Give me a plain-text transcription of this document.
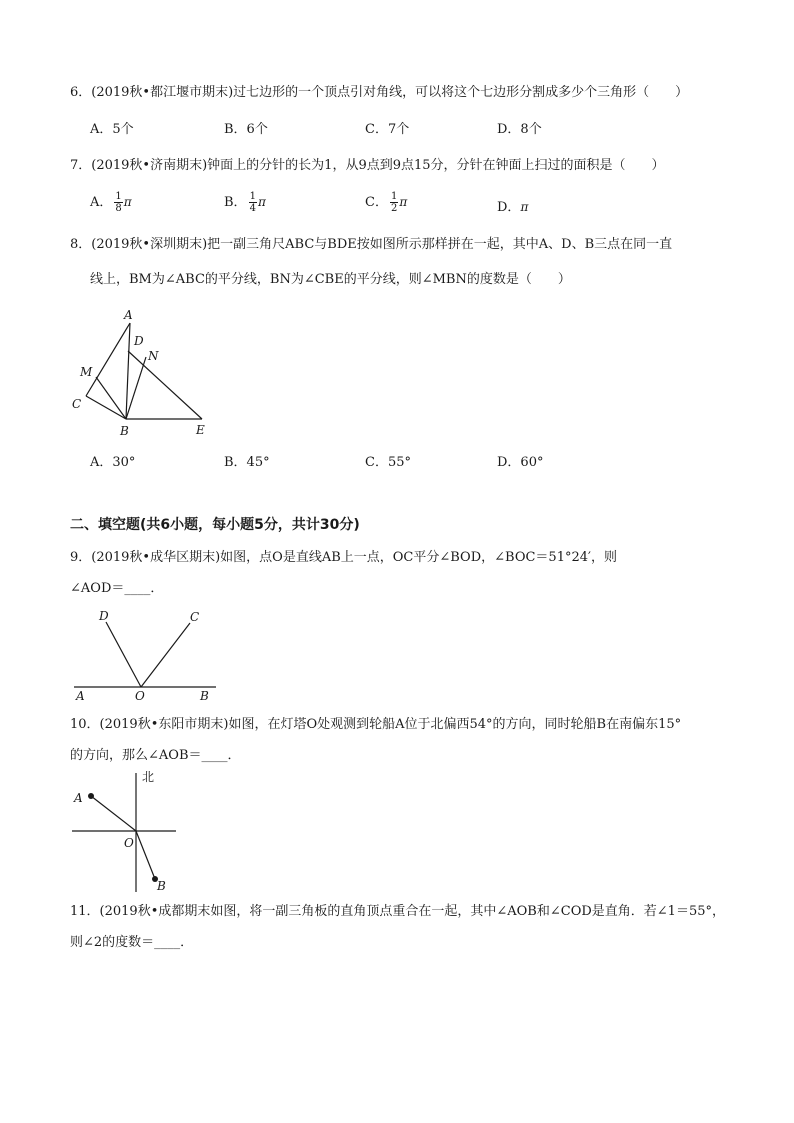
6．(2019秋•都江堰市期末)过七边形的一个顶点引对角线，可以将这个七边形分割成多少个三角形（　　）
A．5个	B．6个	C．7个	D．8个
7．(2019秋•济南期末)钟面上的分针的长为1，从9点到9点15分，分针在钟面上扫过的面积是（　　）
A． $\frac{1}{8}$ π	B． $\frac{1}{4}$ π	C． $\frac{1}{2}$ π	D．π
8．(2019秋•深圳期末)把一副三角尺ABC与BDE按如图所示那样拼在一起，其中A、D、B三点在同一直
线上，BM为∠ABC的平分线，BN为∠CBE的平分线，则∠MBN的度数是（　　）
A
D
N
M
C
B	E
A．30°	B．45°	C．55°	D．60°
二、填空题(共6小题，每小题5分，共计30分)
9．(2019秋•成华区期末)如图，点O是直线AB上一点，OC平分∠BOD，∠BOC＝51°24′，则
∠AOD＝____．
D	C
A	O	B
10．(2019秋•东阳市期末)如图，在灯塔O处观测到轮船A位于北偏西54°的方向，同时轮船B在南偏东15°
的方向，那么∠AOB＝____．
北
A
O
B
11．(2019秋•成都期末如图，将一副三角板的直角顶点重合在一起，其中∠AOB和∠COD是直角．若∠1＝55°，
则∠2的度数＝____．
